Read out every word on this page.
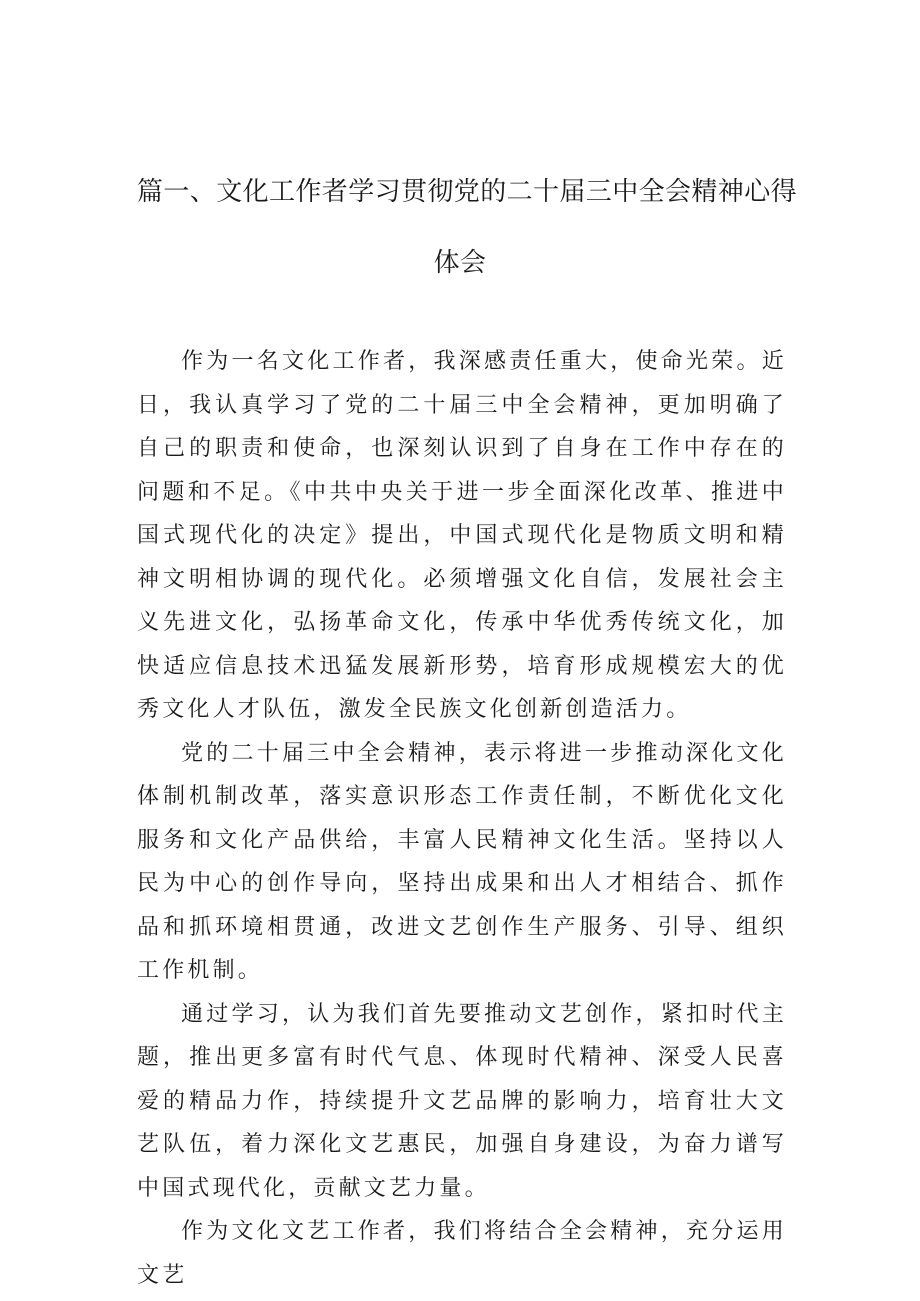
篇一、文化工作者学习贯彻党的二十届三中全会精神心得
体会

作为一名文化工作者，我深感责任重大，使命光荣。近日，我认真学习了党的二十届三中全会精神，更加明确了自己的职责和使命，也深刻认识到了自身在工作中存在的问题和不足。《中共中央关于进一步全面深化改革、推进中国式现代化的决定》提出，中国式现代化是物质文明和精神文明相协调的现代化。必须增强文化自信，发展社会主义先进文化，弘扬革命文化，传承中华优秀传统文化，加快适应信息技术迅猛发展新形势，培育形成规模宏大的优秀文化人才队伍，激发全民族文化创新创造活力。

党的二十届三中全会精神，表示将进一步推动深化文化体制机制改革，落实意识形态工作责任制，不断优化文化服务和文化产品供给，丰富人民精神文化生活。坚持以人民为中心的创作导向，坚持出成果和出人才相结合、抓作品和抓环境相贯通，改进文艺创作生产服务、引导、组织工作机制。

通过学习，认为我们首先要推动文艺创作，紧扣时代主题，推出更多富有时代气息、体现时代精神、深受人民喜爱的精品力作，持续提升文艺品牌的影响力，培育壮大文艺队伍，着力深化文艺惠民，加强自身建设，为奋力谱写中国式现代化，贡献文艺力量。

作为文化文艺工作者，我们将结合全会精神，充分运用文艺
